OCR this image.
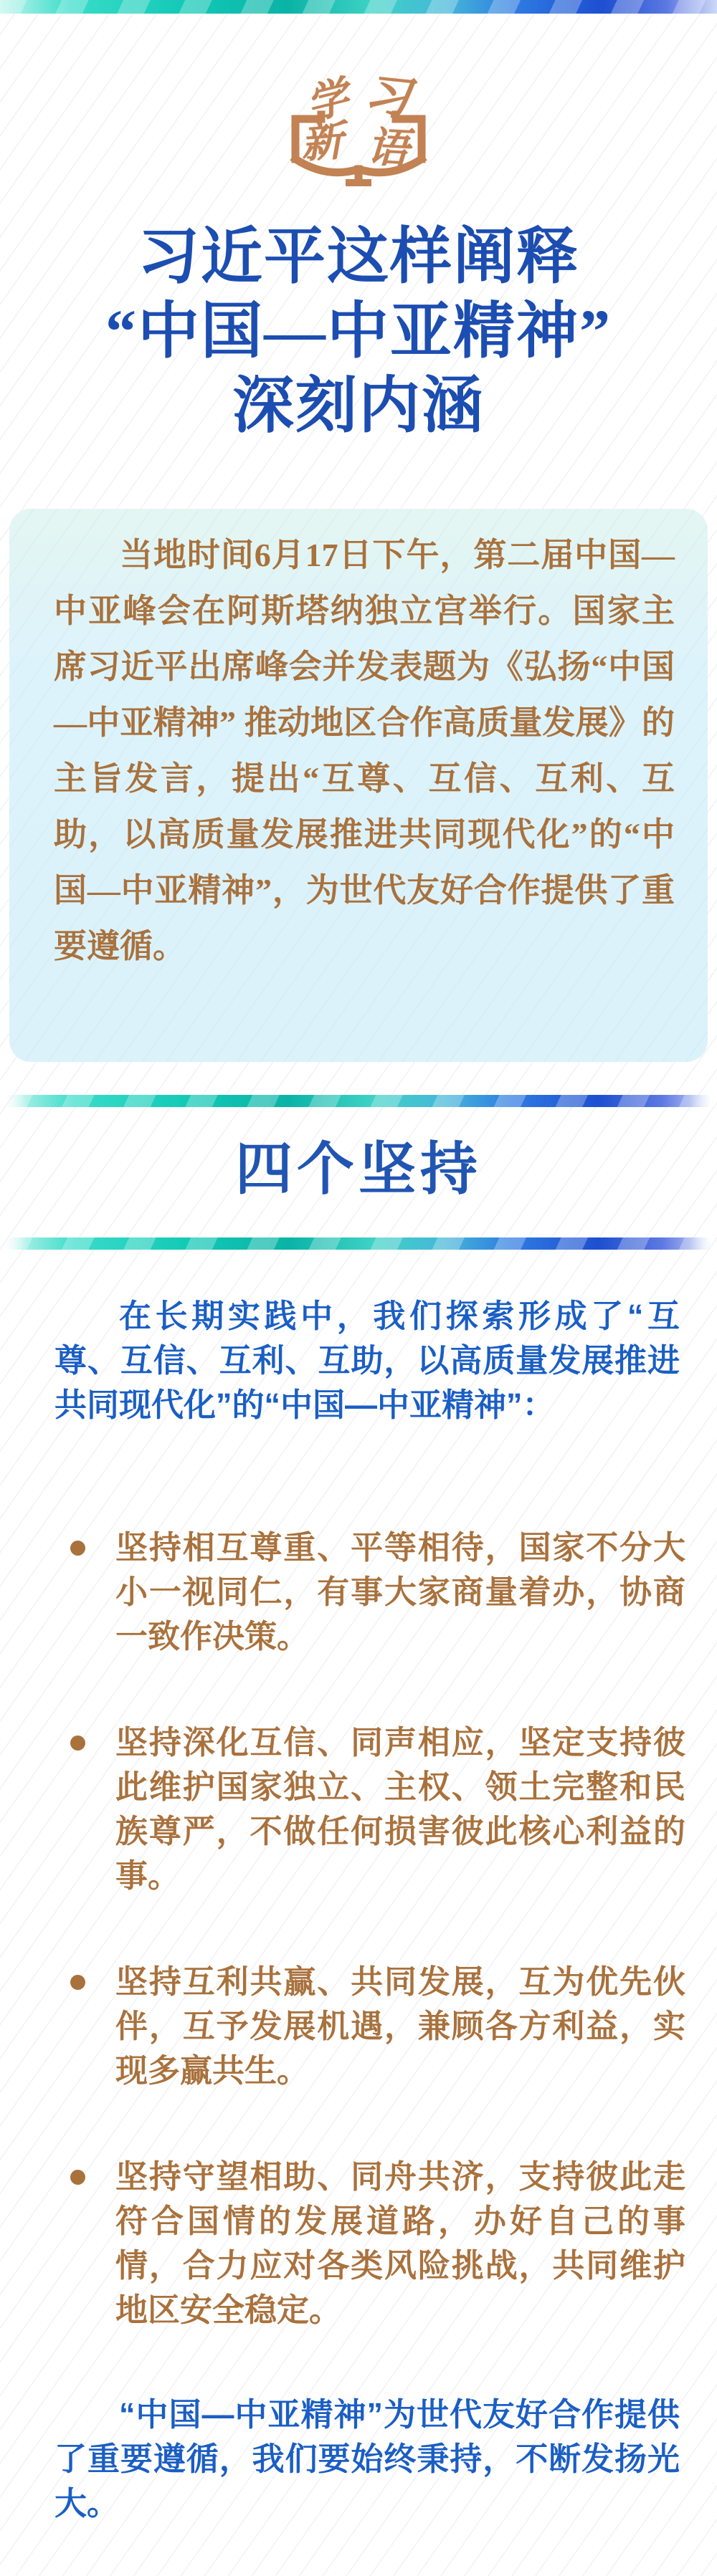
学 习
新 语
习近平这样阐释
“中国—中亚精神”
深刻内涵

当地时间6月17日下午，第二届中国—中亚峰会在阿斯塔纳独立宫举行。国家主席习近平出席峰会并发表题为《弘扬“中国—中亚精神” 推动地区合作高质量发展》的主旨发言，提出“互尊、互信、互利、互助，以高质量发展推进共同现代化”的“中国—中亚精神”，为世代友好合作提供了重要遵循。

四个坚持

在长期实践中，我们探索形成了“互尊、互信、互利、互助，以高质量发展推进共同现代化”的“中国—中亚精神”：

坚持相互尊重、平等相待，国家不分大小一视同仁，有事大家商量着办，协商一致作决策。
坚持深化互信、同声相应，坚定支持彼此维护国家独立、主权、领土完整和民族尊严，不做任何损害彼此核心利益的事。
坚持互利共赢、共同发展，互为优先伙伴，互予发展机遇，兼顾各方利益，实现多赢共生。
坚持守望相助、同舟共济，支持彼此走符合国情的发展道路，办好自己的事情，合力应对各类风险挑战，共同维护地区安全稳定。

“中国—中亚精神”为世代友好合作提供了重要遵循，我们要始终秉持，不断发扬光大。
